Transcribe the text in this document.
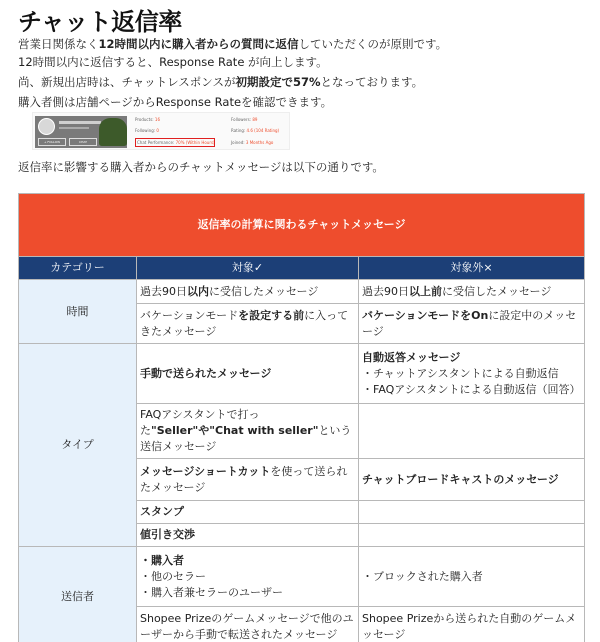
チャット返信率
営業日関係なく12時間以内に購入者からの質問に返信していただくのが原則です。
12時間以内に返信すると、Response Rate が向上します。
尚、新規出店時は、チャットレスポンスが初期設定で57%となっております。
購入者側は店舗ページからResponse Rateを確認できます。
+ FOLLOW	CHAT
Products: 16
Following: 0
Chat Performance: 70% (Within Hours)
Followers: 89
Rating: 4.6 (104 Rating)
Joined: 3 Months Ago
返信率に影響する購入者からのチャットメッセージは以下の通りです。
返信率の計算に関わるチャットメッセージ		
カテゴリー	対象✓	対象外×
時間	過去90日以内に受信したメッセージ	過去90日以上前に受信したメッセージ
	バケーションモードを設定する前に入ってきたメッセージ	バケーションモードをOnに設定中のメッセージ
タイプ	手動で送られたメッセージ	自動返答メッセージ
・チャットアシスタントによる自動返信
・FAQアシスタントによる自動返信（回答）

	FAQアシスタントで打った"Seller"や"Chat with seller"という送信メッセージ	
	メッセージショートカットを使って送られたメッセージ	チャットブロードキャストのメッセージ
	スタンプ	
	値引き交渉	
送信者	・購入者
・他のセラー
・購入者兼セラーのユーザー	・ブロックされた購入者
	Shopee Prizeのゲームメッセージで他のユーザーから手動で転送されたメッセージ	Shopee Prizeから送られた自動のゲームメッセージ
